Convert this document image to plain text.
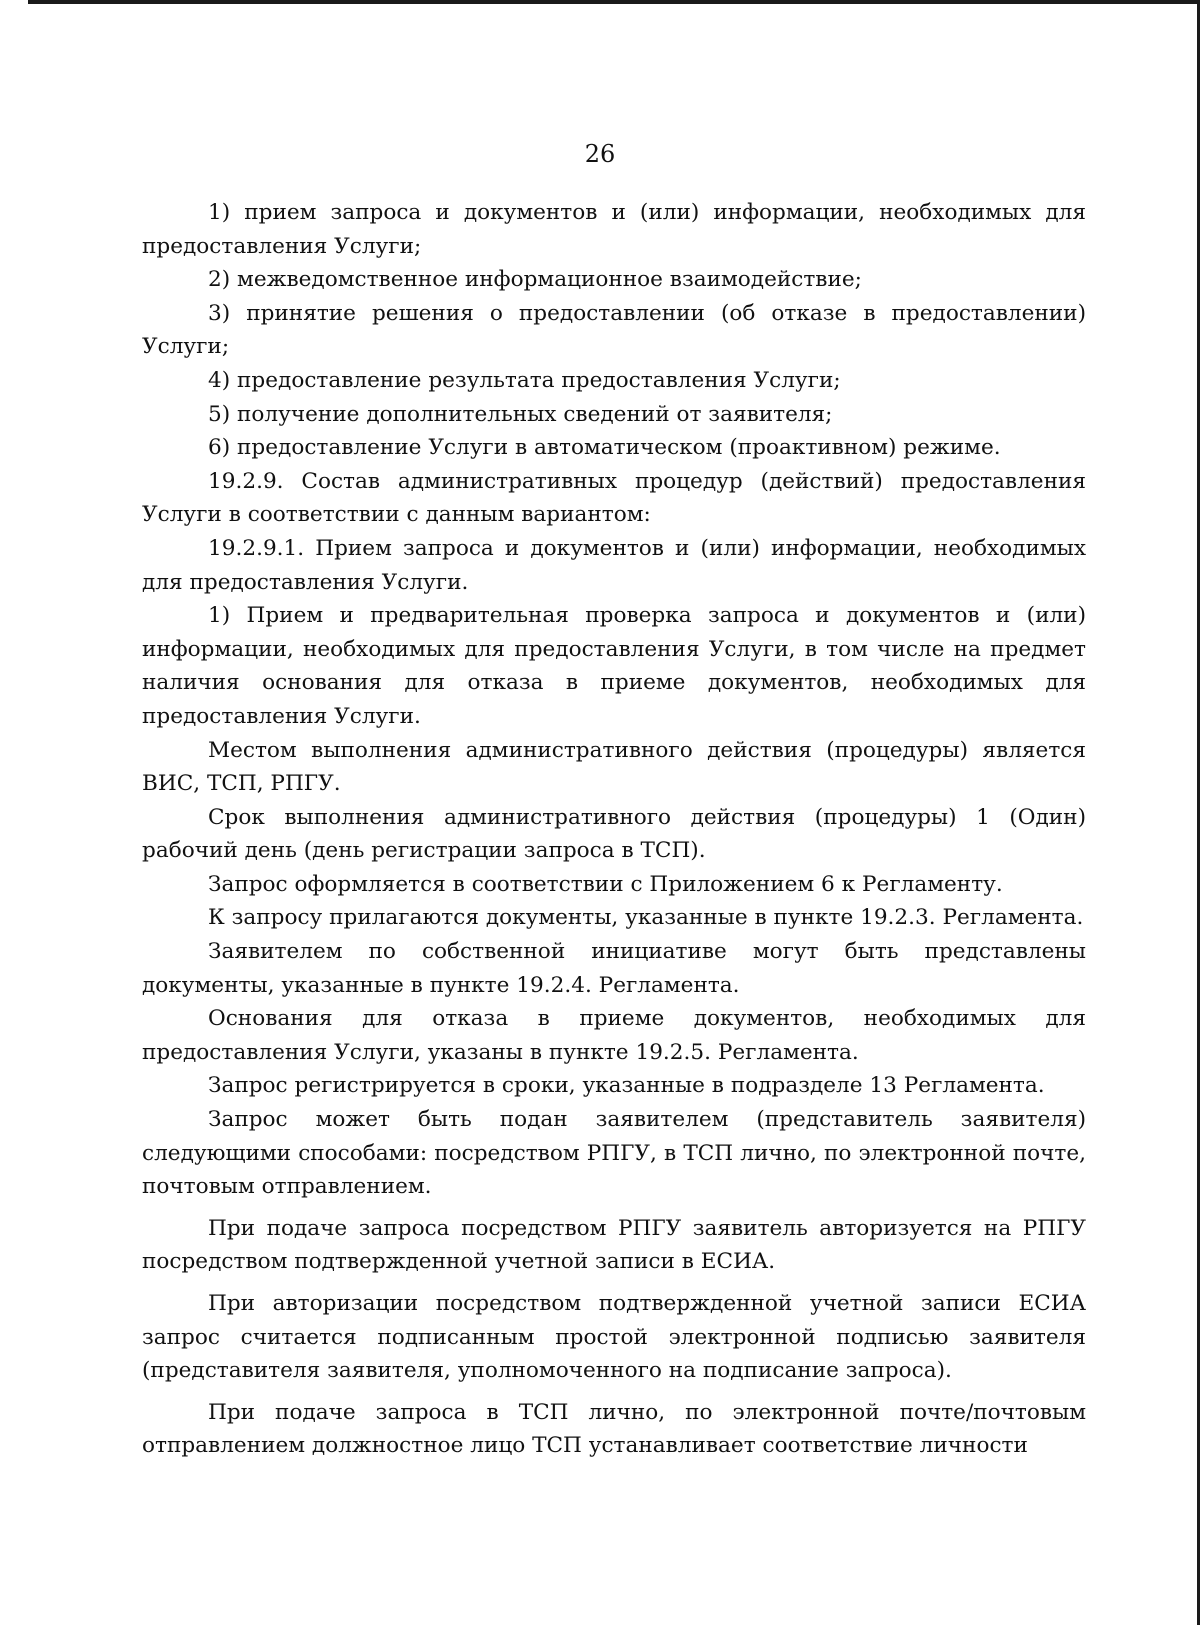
26

1) прием запроса и документов и (или) информации, необходимых для предоставления Услуги;

2) межведомственное информационное взаимодействие;

3) принятие решения о предоставлении (об отказе в предоставлении) Услуги;

4) предоставление результата предоставления Услуги;

5) получение дополнительных сведений от заявителя;

6) предоставление Услуги в автоматическом (проактивном) режиме.

19.2.9. Состав административных процедур (действий) предоставления Услуги в соответствии с данным вариантом:

19.2.9.1. Прием запроса и документов и (или) информации, необходимых для предоставления Услуги.

1) Прием и предварительная проверка запроса и документов и (или) информации, необходимых для предоставления Услуги, в том числе на предмет наличия основания для отказа в приеме документов, необходимых для предоставления Услуги.

Местом выполнения административного действия (процедуры) является ВИС, ТСП, РПГУ.

Срок выполнения административного действия (процедуры) 1 (Один) рабочий день (день регистрации запроса в ТСП).

Запрос оформляется в соответствии с Приложением 6 к Регламенту.

К запросу прилагаются документы, указанные в пункте 19.2.3. Регламента.

Заявителем по собственной инициативе могут быть представлены документы, указанные в пункте 19.2.4. Регламента.

Основания для отказа в приеме документов, необходимых для предоставления Услуги, указаны в пункте 19.2.5. Регламента.

Запрос регистрируется в сроки, указанные в подразделе 13 Регламента.

Запрос может быть подан заявителем (представитель заявителя) следующими способами: посредством РПГУ, в ТСП лично, по электронной почте, почтовым отправлением.

При подаче запроса посредством РПГУ заявитель авторизуется на РПГУ посредством подтвержденной учетной записи в ЕСИА.

При авторизации посредством подтвержденной учетной записи ЕСИА запрос считается подписанным простой электронной подписью заявителя (представителя заявителя, уполномоченного на подписание запроса).

При подаче запроса в ТСП лично, по электронной почте/почтовым отправлением должностное лицо ТСП устанавливает соответствие личности
